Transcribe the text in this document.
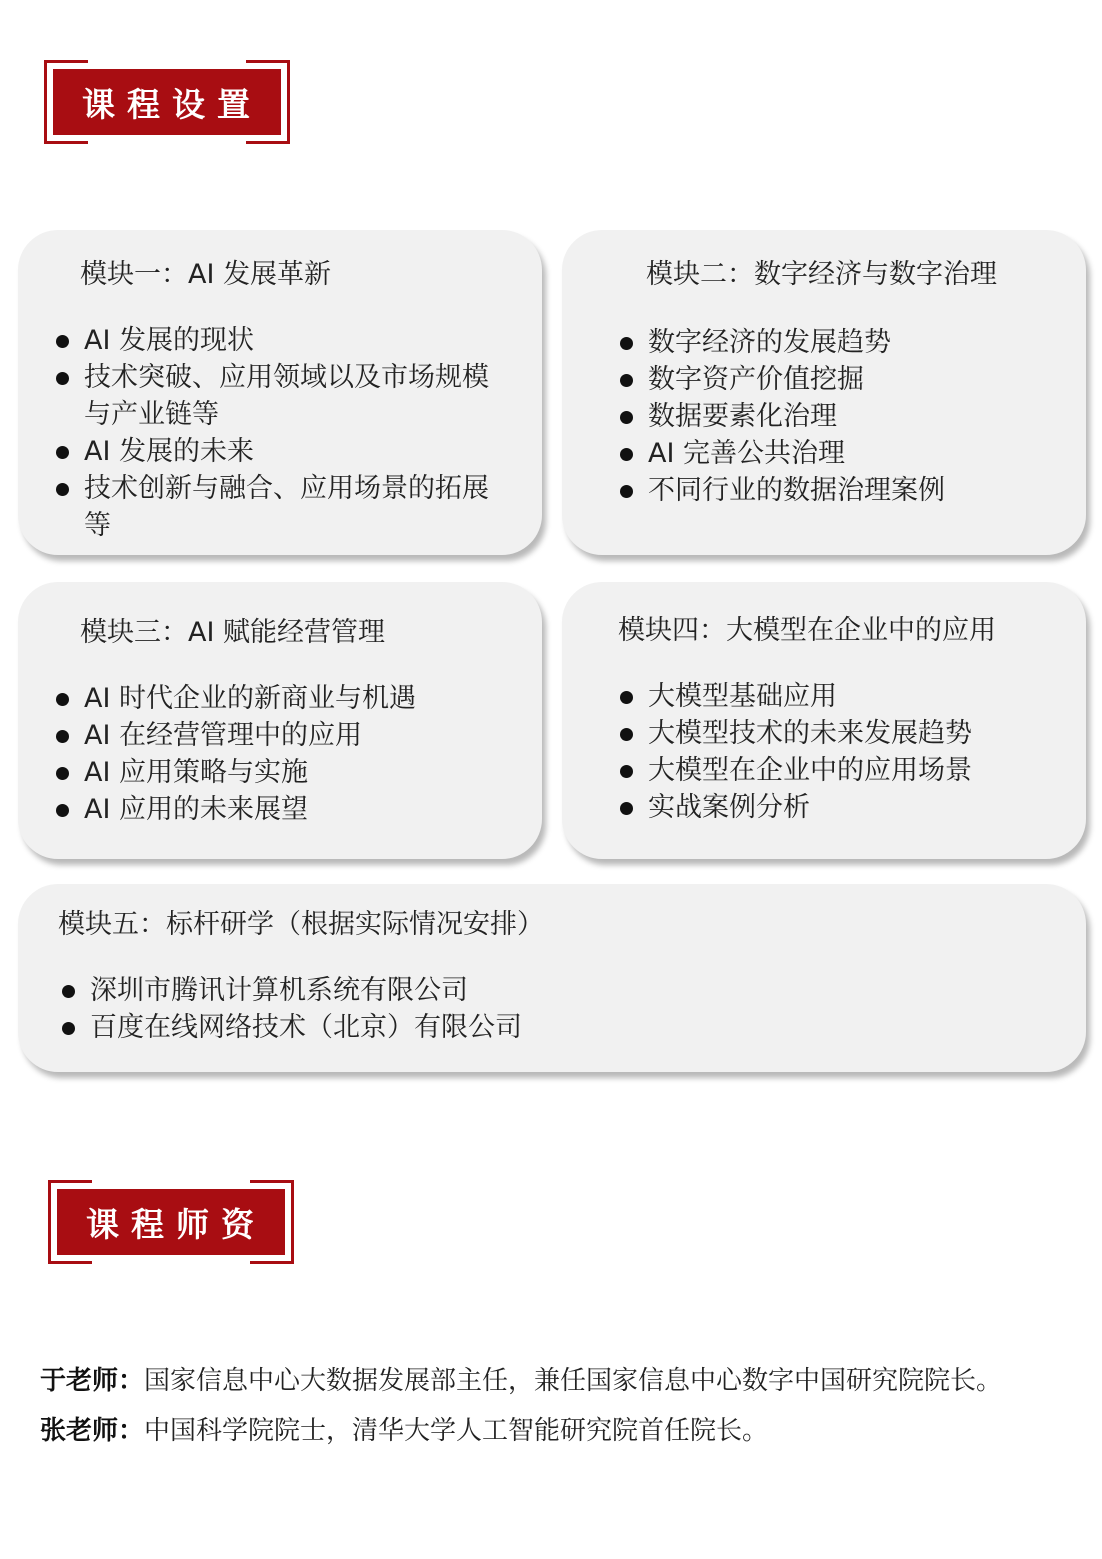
课程设置
模块一：AI 发展革新
AI 发展的现状
技术突破、应用领域以及市场规模与产业链等
AI 发展的未来
技术创新与融合、应用场景的拓展等
模块二：数字经济与数字治理
数字经济的发展趋势
数字资产价值挖掘
数据要素化治理
AI 完善公共治理
不同行业的数据治理案例
模块三：AI 赋能经营管理
AI 时代企业的新商业与机遇
AI 在经营管理中的应用
AI 应用策略与实施
AI 应用的未来展望
模块四：大模型在企业中的应用
大模型基础应用
大模型技术的未来发展趋势
大模型在企业中的应用场景
实战案例分析
模块五：标杆研学（根据实际情况安排）
深圳市腾讯计算机系统有限公司
百度在线网络技术（北京）有限公司
课程师资
于老师：国家信息中心大数据发展部主任，兼任国家信息中心数字中国研究院院长。
张老师：中国科学院院士，清华大学人工智能研究院首任院长。
